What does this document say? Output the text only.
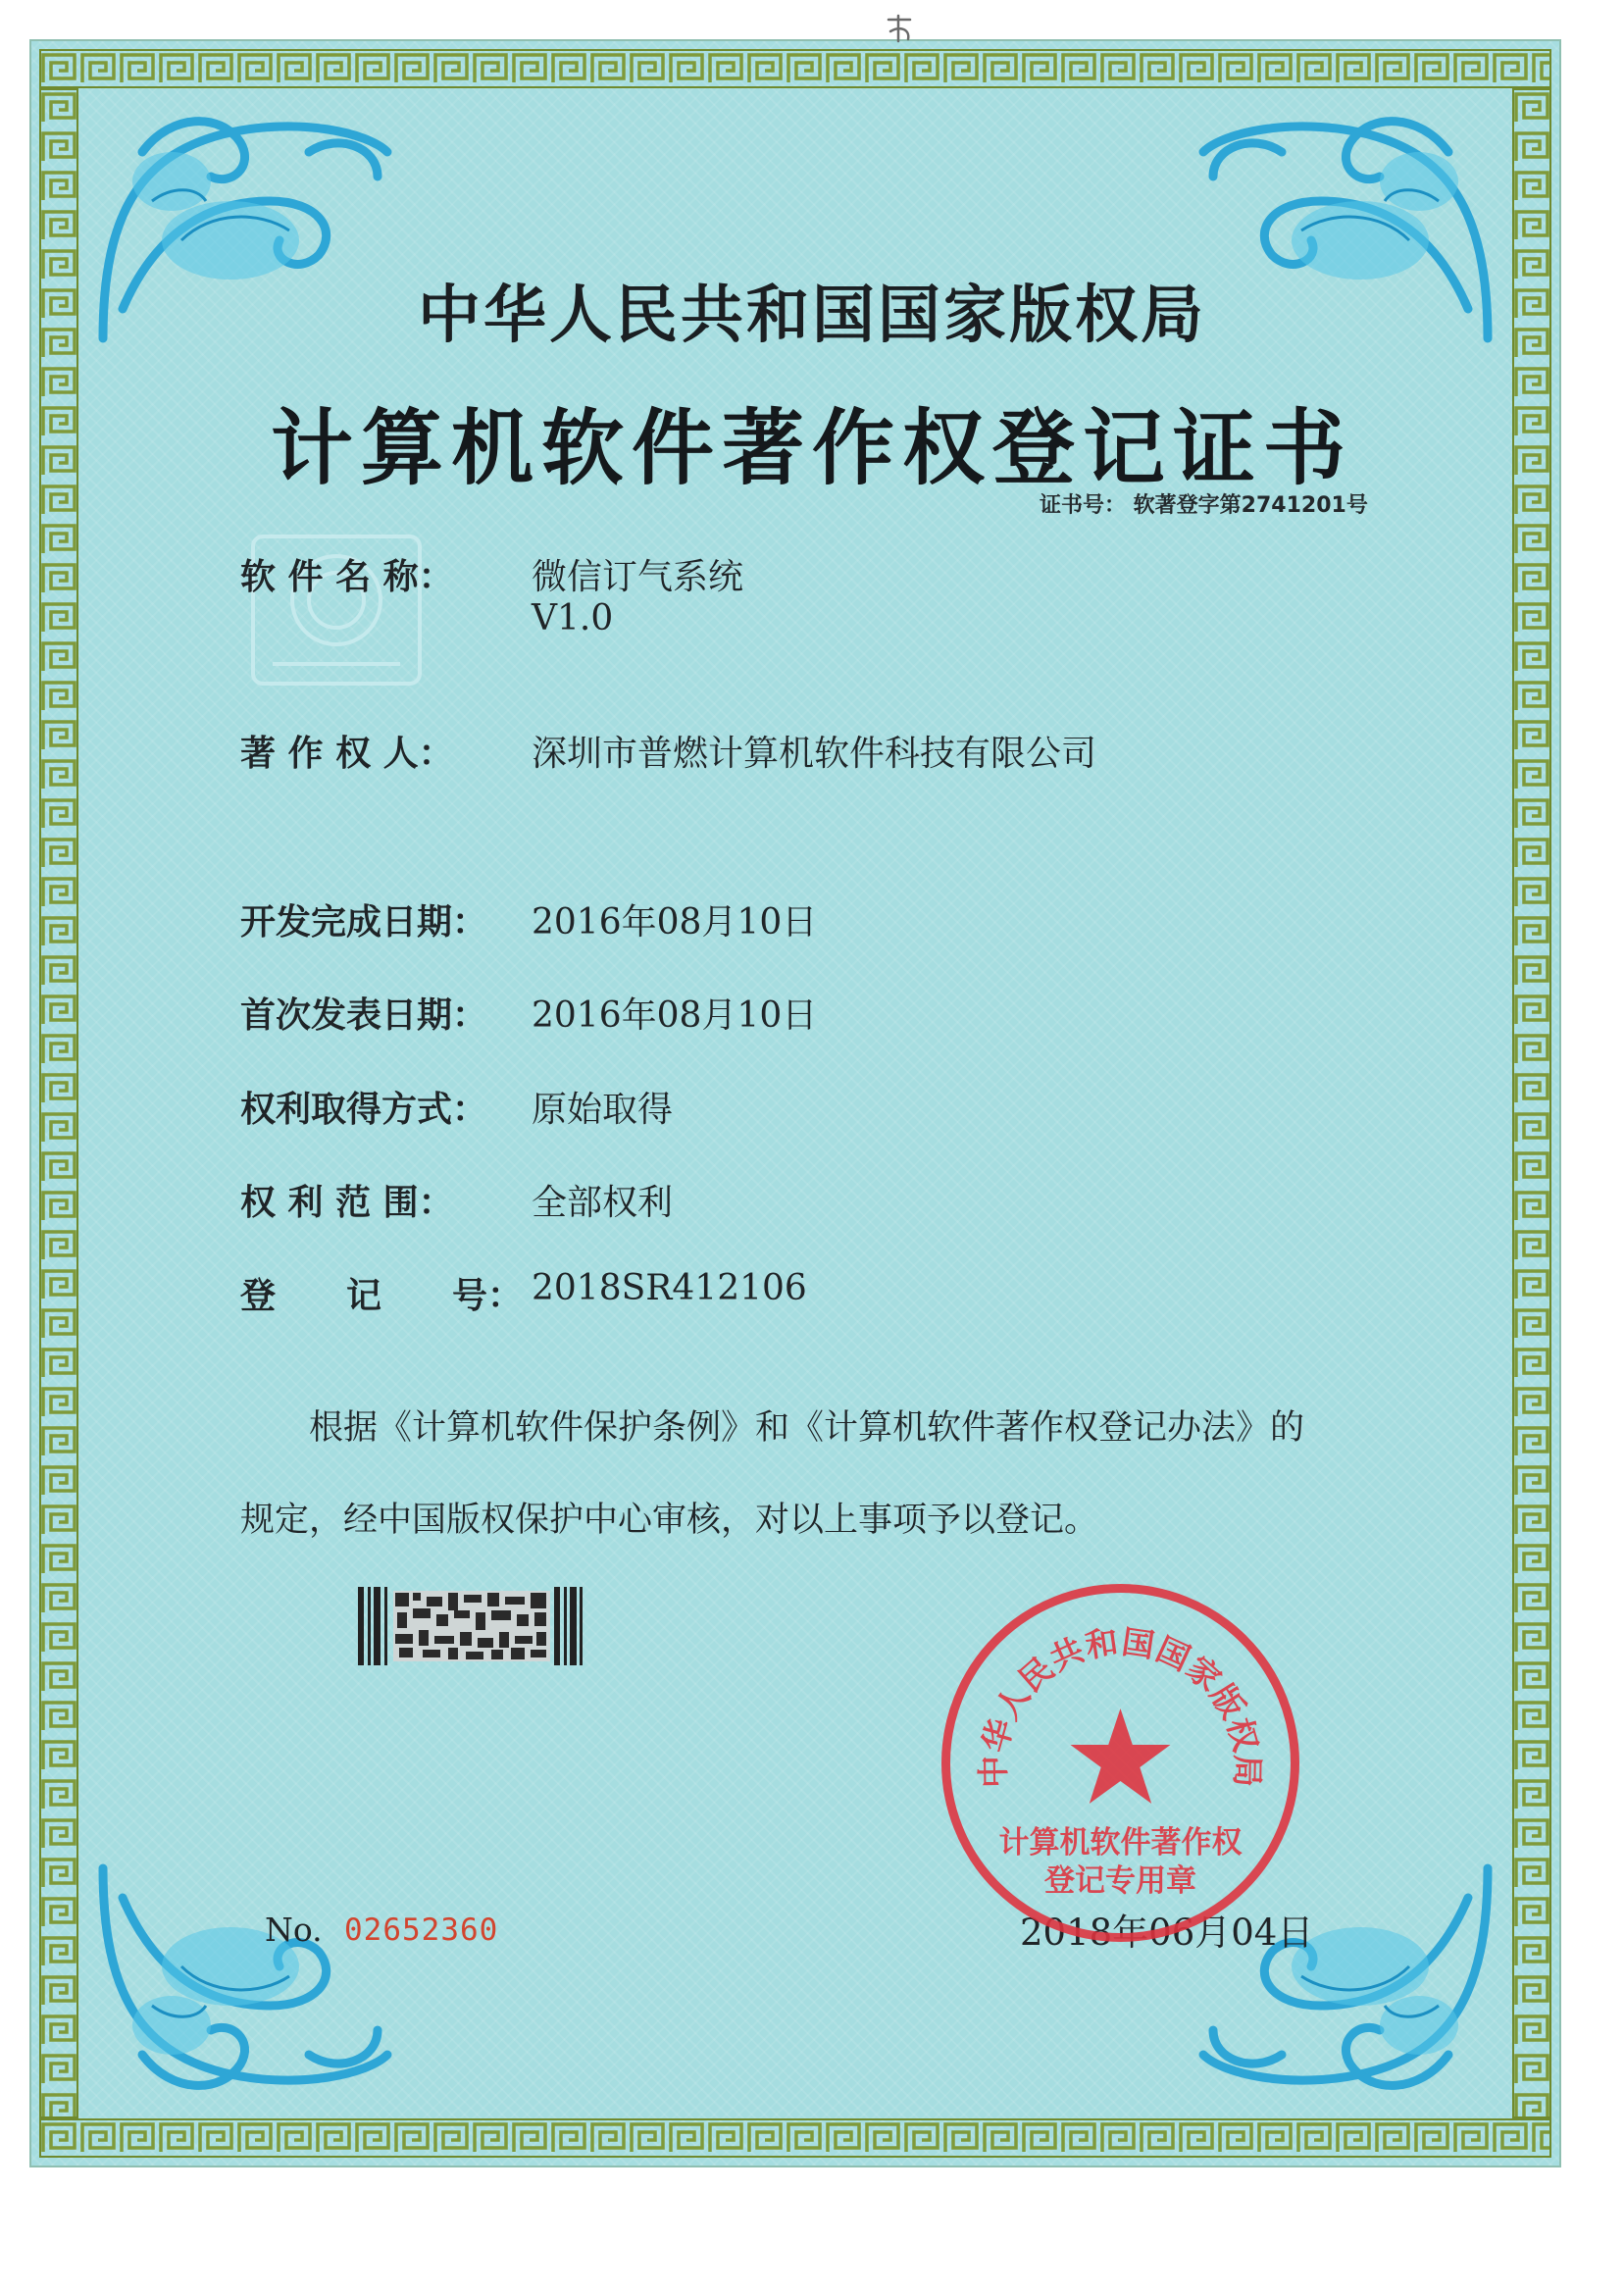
中华人民共和国国家版权局
计算机软件著作权登记证书
证书号： 软著登字第2741201号
软 件 名 称： 微信订气系统
V1.0
著 作 权 人： 深圳市普燃计算机软件科技有限公司
开发完成日期： 2016年08月10日
首次发表日期： 2016年08月10日
权利取得方式： 原始取得
权 利 范 围： 全部权利
登　　记　　号： 2018SR412106
根据《计算机软件保护条例》和《计算机软件著作权登记办法》的
规定，经中国版权保护中心审核，对以上事项予以登记。
No. 02652360	2018年06月04日
中华人民共和国国家版权局
计算机软件著作权
登记专用章
